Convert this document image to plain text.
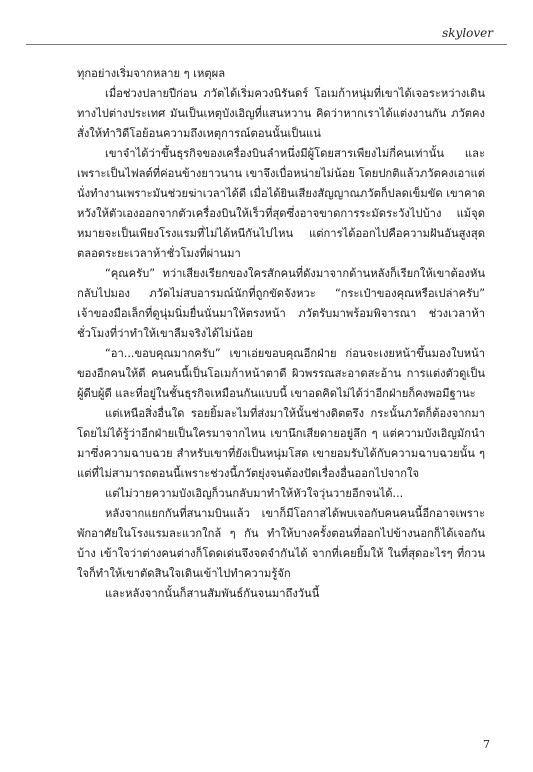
skylover

ทุกอย่างเริ่มจากหลาย ๆ เหตุผล

เมื่อช่วงปลายปีก่อน ภวัตได้เริ่มควงนิรันดร์ โอเมก้าหนุ่มที่เขาได้เจอระหว่างเดินทางไปต่างประเทศ มันเป็นเหตุบังเอิญที่แสนหวาน คิดว่าหากเราได้แต่งงานกัน ภวัตคงสั่งให้ทำวิดีโอย้อนความถึงเหตุการณ์ตอนนั้นเป็นแน่

เขาจำได้ว่าขึ้นธุรกิจของเครื่องบินลำหนึ่งมีผู้โดยสารเพียงไม่กี่คนเท่านั้น และเพราะเป็นไฟลต์ที่ค่อนข้างยาวนาน เขาจึงเบื่อหน่ายไม่น้อย โดยปกติแล้วภวัตคงเอาแต่นั่งทำงานเพราะมันช่วยฆ่าเวลาได้ดี เมื่อได้ยินเสียงสัญญาณภวัตก็ปลดเข็มขัด เขาคาดหวังให้ตัวเองออกจากตัวเครื่องบินให้เร็วที่สุดซึ่งอาจขาดการระมัดระวังไปบ้าง แม้จุดหมายจะเป็นเพียงโรงแรมที่ไม่ได้หนีกันไปไหน แต่การได้ออกไปคือความฝันอันสูงสุดตลอดระยะเวลาห้าชั่วโมงที่ผ่านมา

“คุณครับ” ทว่าเสียงเรียกของใครสักคนที่ดังมาจากด้านหลังก็เรียกให้เขาต้องหันกลับไปมอง ภวัตไม่สบอารมณ์นักที่ถูกขัดจังหวะ “กระเป๋าของคุณหรือเปล่าครับ” เจ้าของมือเล็กที่ดูนุ่มนิ่มยื่นนั่นมาให้ตรงหน้า ภวัตรับมาพร้อมพิจารณา ช่วงเวลาห้าชั่วโมงที่ว่าทำให้เขาลืมจริงได้ไม่น้อย

“อา...ขอบคุณมากครับ” เขาเอ่ยขอบคุณอีกฝ่าย ก่อนจะเงยหน้าขึ้นมองใบหน้าของอีกคนให้ดี คนคนนี้เป็นโอเมก้าหน้าตาดี ผิวพรรณสะอาดสะอ้าน การแต่งตัวดูเป็นผู้ดีบผู้ดี และที่อยู่ในชั้นธุรกิจเหมือนกันแบบนี้ เขาอดคิดไม่ได้ว่าอีกฝ่ายก็คงพอมีฐานะ

แต่เหนือสิ่งอื่นใด รอยยิ้มละไมที่ส่งมาให้นั้นช่างดิตตรึง กระนั้นภวัตก็ต้องจากมาโดยไม่ได้รู้ว่าอีกฝ่ายเป็นใครมาจากไหน เขานึกเสียดายอยู่ลึก ๆ แต่ความบังเอิญมักนำมาซึ่งความฉาบฉวย สำหรับเขาที่ยังเป็นหนุ่มโสด เขายอมรับได้กับความฉาบฉวยนั้น ๆ แต่ที่ไม่สามารถตอนนี้เพราะช่วงนี้ภวัตยุ่งจนต้องปัดเรื่องอื่นออกไปจากใจ

แต่ไม่วายความบังเอิญก็วนกลับมาทำให้หัวใจวุ่นวายอีกจนได้...

หลังจากแยกกันที่สนามบินแล้ว เขาก็มีโอกาสได้พบเจอกับคนคนนี้อีกอาจเพราะพักอาศัยในโรงแรมละแวกใกล้ ๆ กัน ทำให้บางครั้งตอนที่ออกไปข้างนอกก็ได้เจอกันบ้าง เข้าใจว่าต่างคนต่างก็โดดเด่นจึงจดจำกันได้ จากที่เคยยิ้มให้ ในที่สุดอะไรๆ ที่กวนใจก็ทำให้เขาตัดสินใจเดินเข้าไปทำความรู้จัก

และหลังจากนั้นก็สานสัมพันธ์กันจนมาถึงวันนี้

7
